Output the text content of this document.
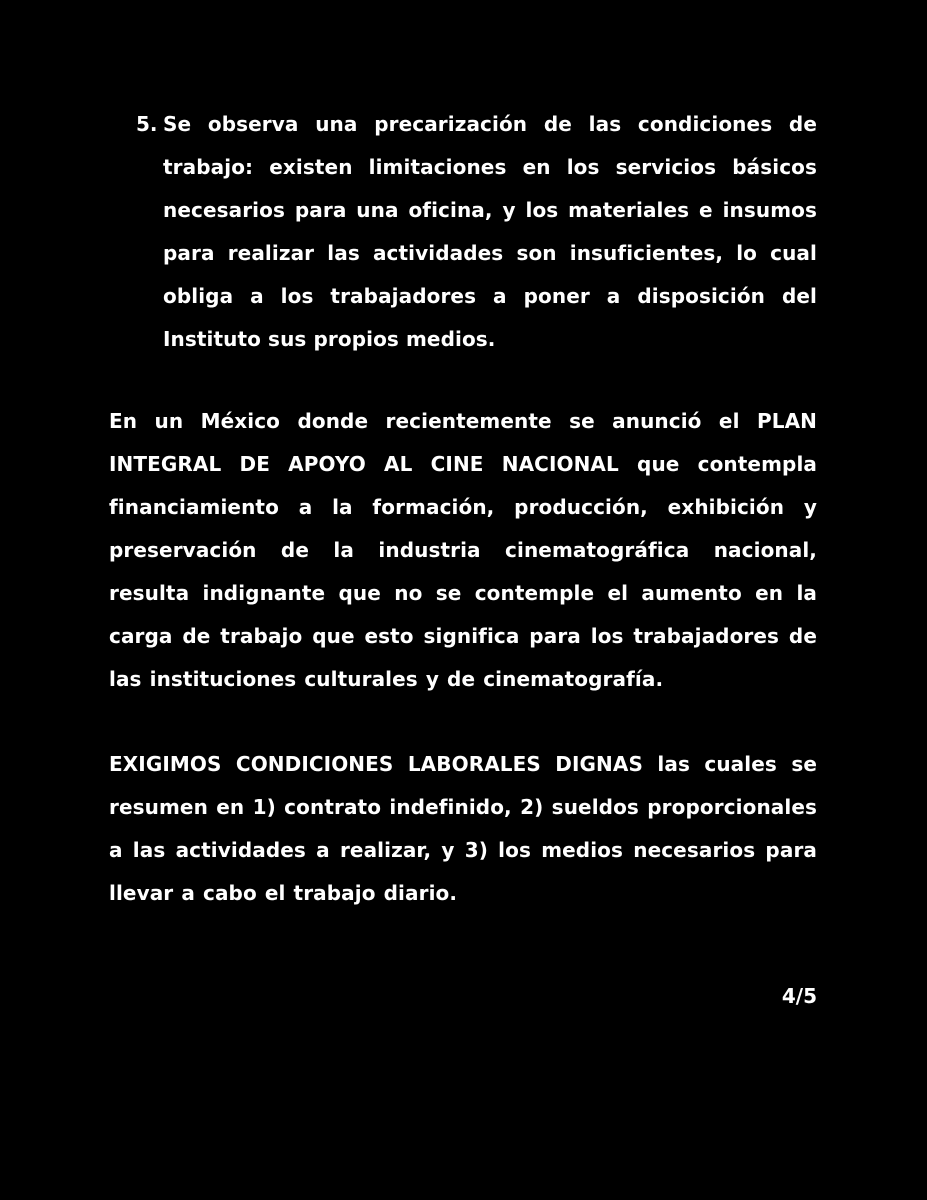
5. Se observa una precarización de las condiciones de trabajo: existen limitaciones en los servicios básicos necesarios para una oficina, y los materiales e insumos para realizar las actividades son insuficientes, lo cual obliga a los trabajadores a poner a disposición del Instituto sus propios medios.
En un México donde recientemente se anunció el PLAN INTEGRAL DE APOYO AL CINE NACIONAL que contempla financiamiento a la formación, producción, exhibición y preservación de la industria cinematográfica nacional, resulta indignante que no se contemple el aumento en la carga de trabajo que esto significa para los trabajadores de las instituciones culturales y de cinematografía.
EXIGIMOS CONDICIONES LABORALES DIGNAS las cuales se resumen en 1) contrato indefinido, 2) sueldos proporcionales a las actividades a realizar, y 3) los medios necesarios para llevar a cabo el trabajo diario.
4/5
